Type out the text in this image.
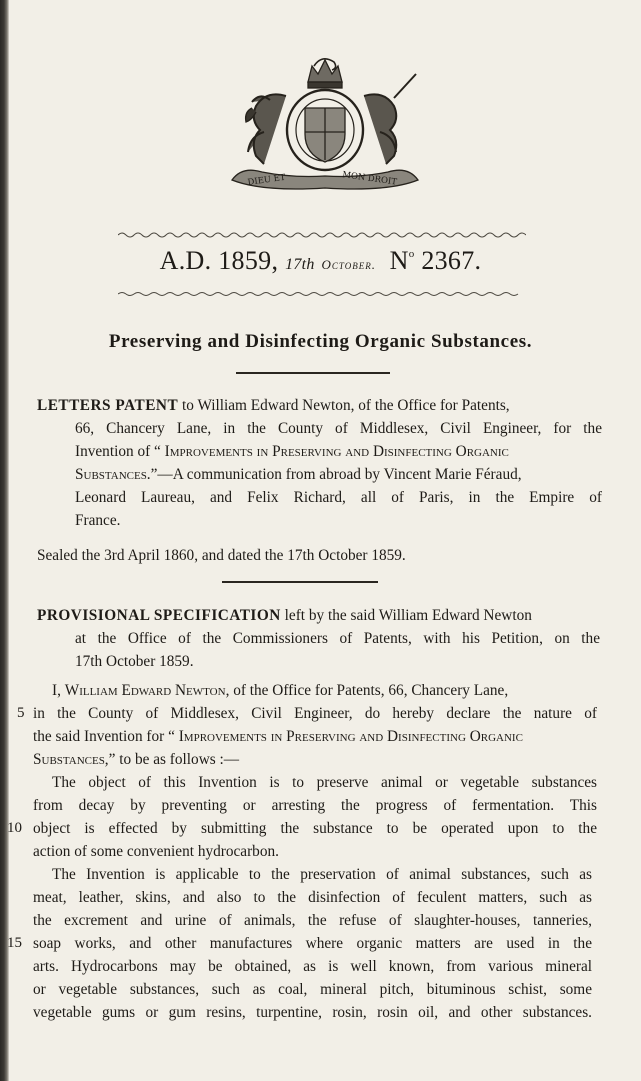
DIEU ET	MON DROIT
A.D. 1859, 17th October. $N^o$ 2367.
Preserving and Disinfecting Organic Substances.
LETTERS PATENT to William Edward Newton, of the Office for Patents,
66, Chancery Lane, in the County of Middlesex, Civil Engineer, for the
Invention of “ Improvements in Preserving and Disinfecting Organic
Substances.”—A communication from abroad by Vincent Marie Féraud,
Leonard Laureau, and Felix Richard, all of Paris, in the Empire of
France.
Sealed the 3rd April 1860, and dated the 17th October 1859.
PROVISIONAL SPECIFICATION left by the said William Edward Newton
at the Office of the Commissioners of Patents, with his Petition, on the
17th October 1859.
I, William Edward Newton, of the Office for Patents, 66, Chancery Lane,
in the County of Middlesex, Civil Engineer, do hereby declare the nature of
the said Invention for “ Improvements in Preserving and Disinfecting Organic
Substances,” to be as follows :—
The object of this Invention is to preserve animal or vegetable substances
from decay by preventing or arresting the progress of fermentation. This
object is effected by submitting the substance to be operated upon to the
action of some convenient hydrocarbon.
The Invention is applicable to the preservation of animal substances, such as
meat, leather, skins, and also to the disinfection of feculent matters, such as
the excrement and urine of animals, the refuse of slaughter-houses, tanneries,
soap works, and other manufactures where organic matters are used in the
arts. Hydrocarbons may be obtained, as is well known, from various mineral
or vegetable substances, such as coal, mineral pitch, bituminous schist, some
vegetable gums or gum resins, turpentine, rosin, rosin oil, and other substances.
5
10
15
